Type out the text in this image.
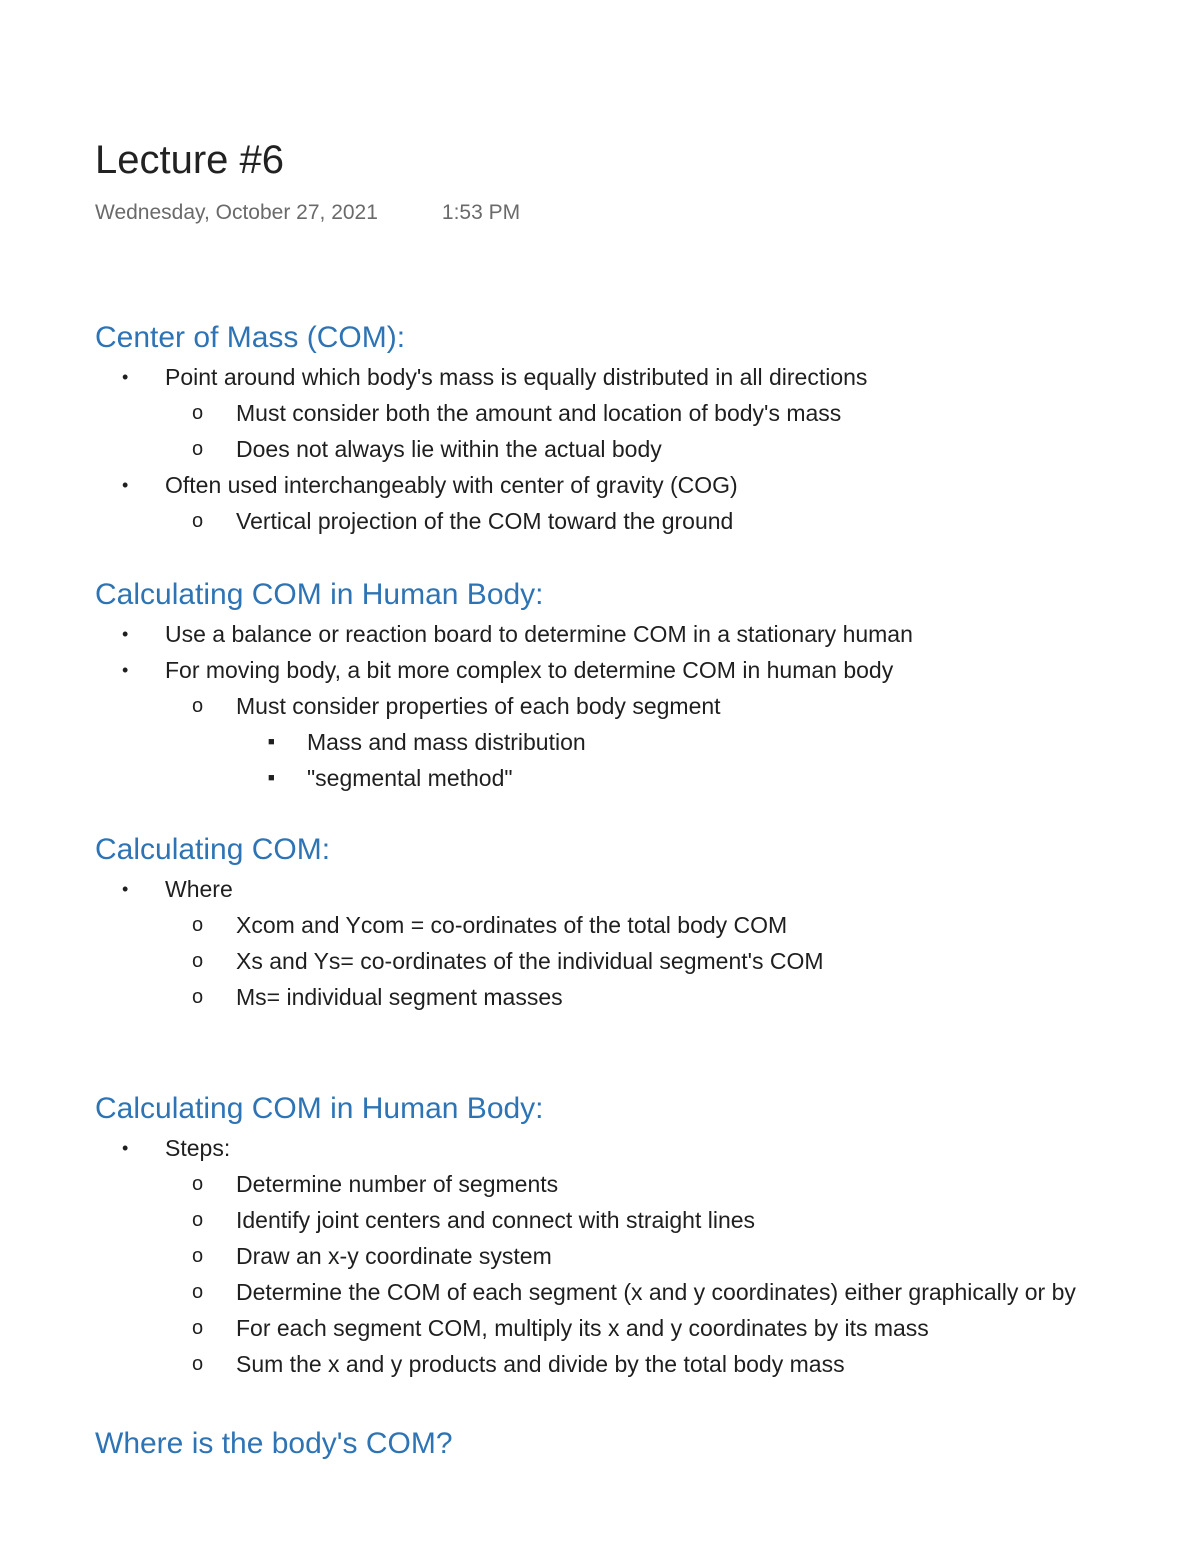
Lecture #6
Wednesday, October 27, 2021	1:53 PM
Center of Mass (COM):
• Point around which body's mass is equally distributed in all directions
o Must consider both the amount and location of body's mass
o Does not always lie within the actual body
• Often used interchangeably with center of gravity (COG)
o Vertical projection of the COM toward the ground
Calculating COM in Human Body:
• Use a balance or reaction board to determine COM in a stationary human
• For moving body, a bit more complex to determine COM in human body
o Must consider properties of each body segment
■ Mass and mass distribution
■ "segmental method"
Calculating COM:
• Where
o Xcom and Ycom = co-ordinates of the total body COM
o Xs and Ys= co-ordinates of the individual segment's COM
o Ms= individual segment masses
Calculating COM in Human Body:
• Steps:
o Determine number of segments
o Identify joint centers and connect with straight lines
o Draw an x-y coordinate system
o Determine the COM of each segment (x and y coordinates) either graphically or by
o For each segment COM, multiply its x and y coordinates by its mass
o Sum the x and y products and divide by the total body mass
Where is the body's COM?
